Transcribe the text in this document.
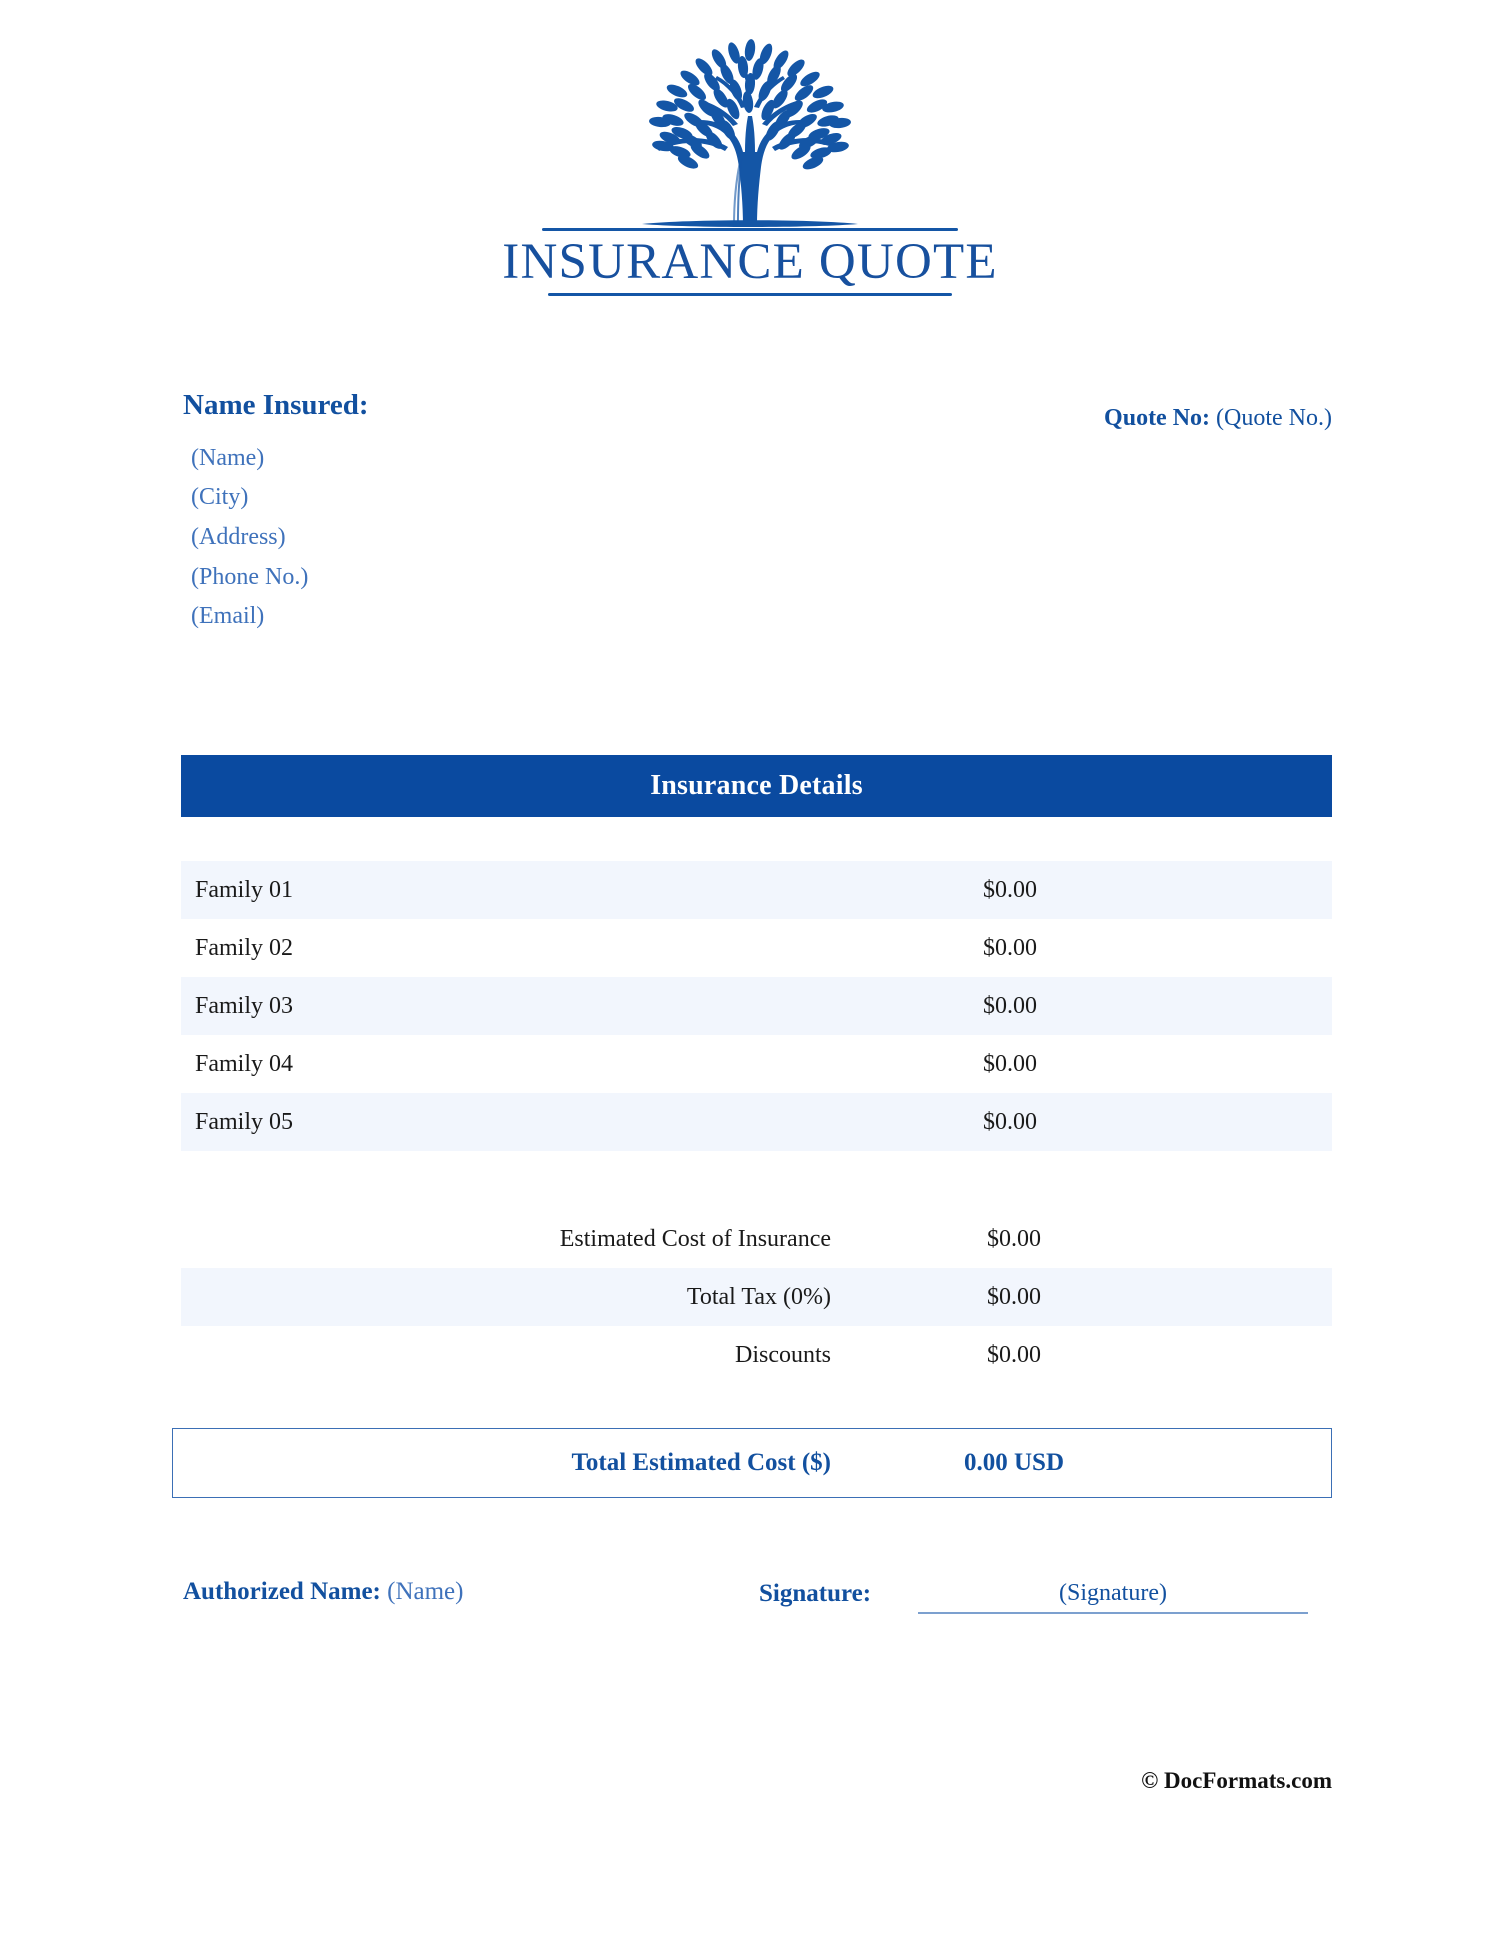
INSURANCE QUOTE
Name Insured:
(Name)
(City)
(Address)
(Phone No.)
(Email)
Quote No: (Quote No.)
Insurance Details
Family 01	$0.00
Family 02	$0.00
Family 03	$0.00
Family 04	$0.00
Family 05	$0.00
Estimated Cost of Insurance	$0.00
Total Tax (0%)	$0.00
Discounts	$0.00
Total Estimated Cost ($)	0.00 USD
Authorized Name: (Name)	Signature:	(Signature)
© DocFormats.com
